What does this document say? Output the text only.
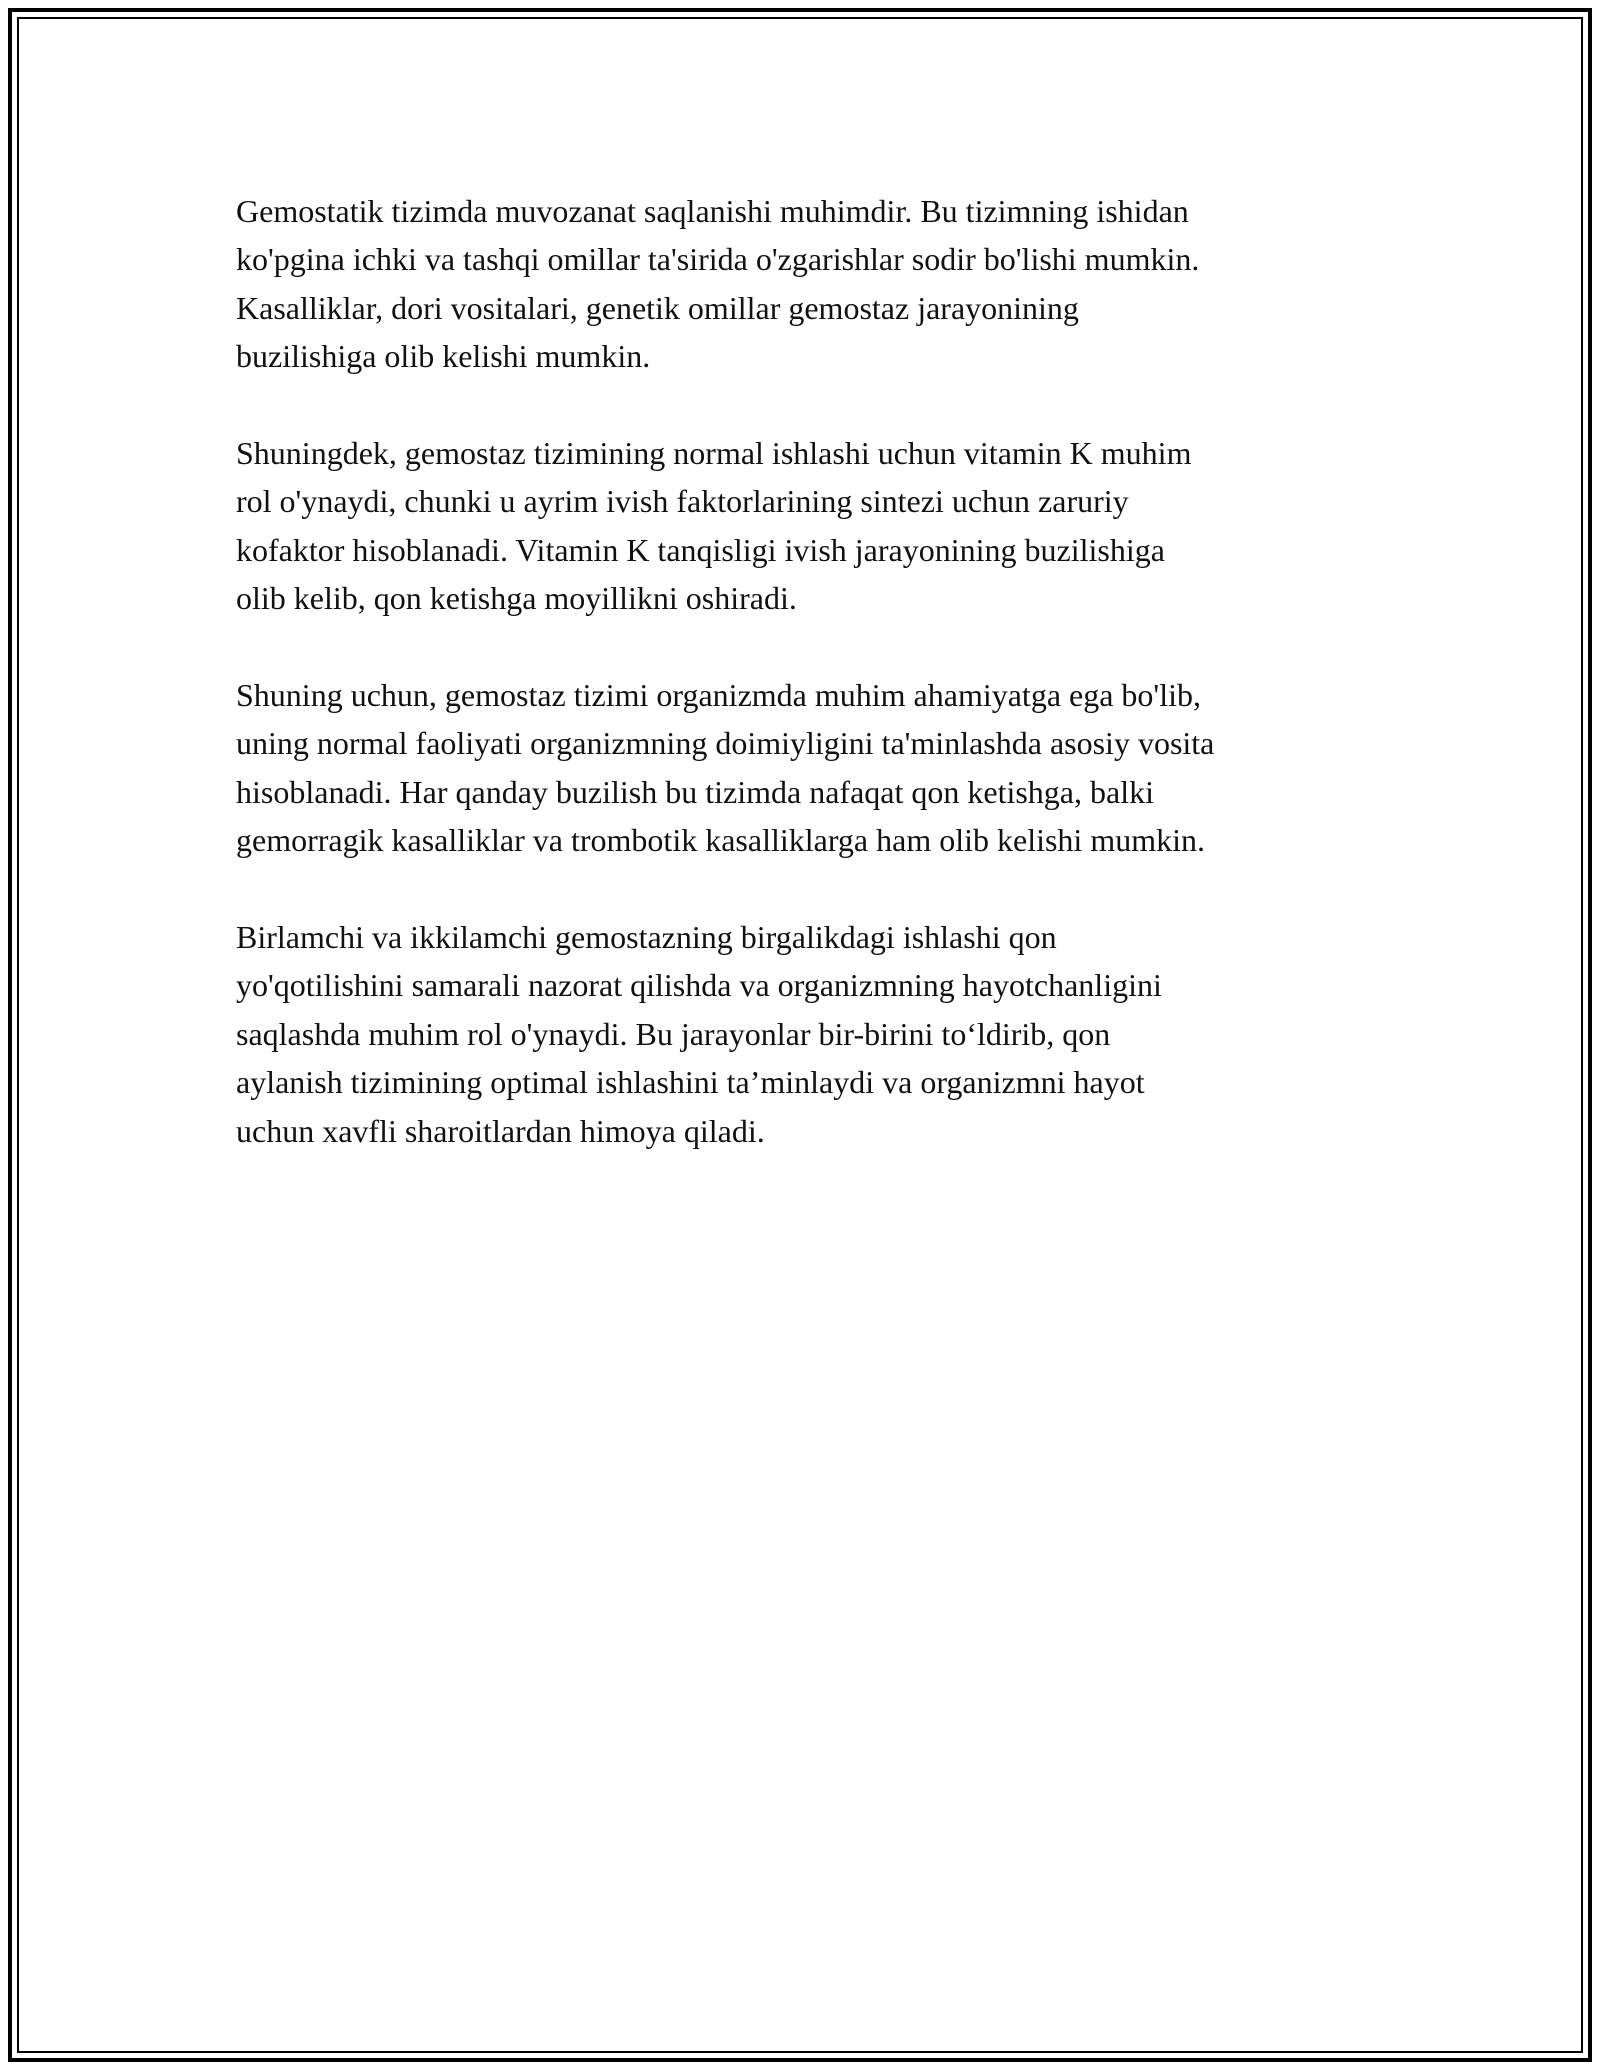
Gemostatik tizimda muvozanat saqlanishi muhimdir. Bu tizimning ishidan
ko'pgina ichki va tashqi omillar ta'sirida o'zgarishlar sodir bo'lishi mumkin.
Kasalliklar, dori vositalari, genetik omillar gemostaz jarayonining
buzilishiga olib kelishi mumkin.

Shuningdek, gemostaz tizimining normal ishlashi uchun vitamin K muhim
rol o'ynaydi, chunki u ayrim ivish faktorlarining sintezi uchun zaruriy
kofaktor hisoblanadi. Vitamin K tanqisligi ivish jarayonining buzilishiga
olib kelib, qon ketishga moyillikni oshiradi.

Shuning uchun, gemostaz tizimi organizmda muhim ahamiyatga ega bo'lib,
uning normal faoliyati organizmning doimiyligini ta'minlashda asosiy vosita
hisoblanadi. Har qanday buzilish bu tizimda nafaqat qon ketishga, balki
gemorragik kasalliklar va trombotik kasalliklarga ham olib kelishi mumkin.

Birlamchi va ikkilamchi gemostazning birgalikdagi ishlashi qon
yo'qotilishini samarali nazorat qilishda va organizmning hayotchanligini
saqlashda muhim rol o'ynaydi. Bu jarayonlar bir-birini to‘ldirib, qon
aylanish tizimining optimal ishlashini ta’minlaydi va organizmni hayot
uchun xavfli sharoitlardan himoya qiladi.
